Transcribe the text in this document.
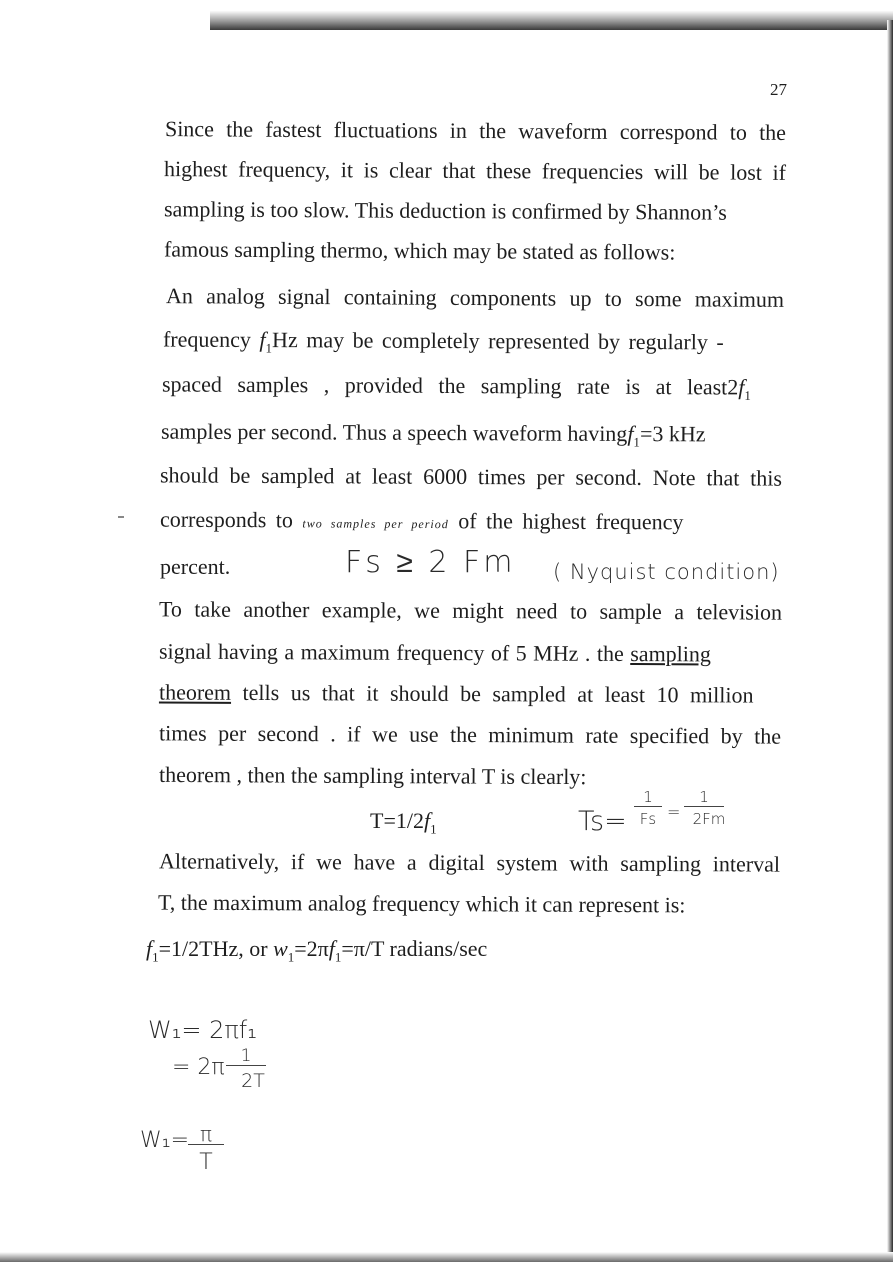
27
Since the fastest fluctuations in the waveform correspond to the
highest frequency, it is clear that these frequencies will be lost if
sampling is too slow. This deduction is confirmed by Shannon’s
famous sampling thermo, which may be stated as follows:
An analog signal containing components up to some maximum
frequency $f_1Hz$ may be completely represented by regularly -
spaced samples , provided the sampling rate is at $least2f_1$
samples per second. Thus a speech waveform havingf$_1$=3 kHz
should be sampled at least 6000 times per second. Note that this
corresponds to two samples per period of the highest frequency
percent.	Fs ≥ 2 Fm ( Nyquist condition)
To take another example, we might need to sample a television
signal having a maximum frequency of 5 MHz . the sampling
theorem tells us that it should be sampled at least 10 million
times per second . if we use the minimum rate specified by the
theorem , then the sampling interval T is clearly:
$T=1/2f_1$	Ts=
1
Fs =
1
2Fm
Alternatively, if we have a digital system with sampling interval
T, the maximum analog frequency which it can represent is:
$f_1=1/2THz$, or $w_1=2\pi f_1=\pi/T$ radians/sec
W₁= 2πf₁
= 2π 1
2T
W₁= π
T
